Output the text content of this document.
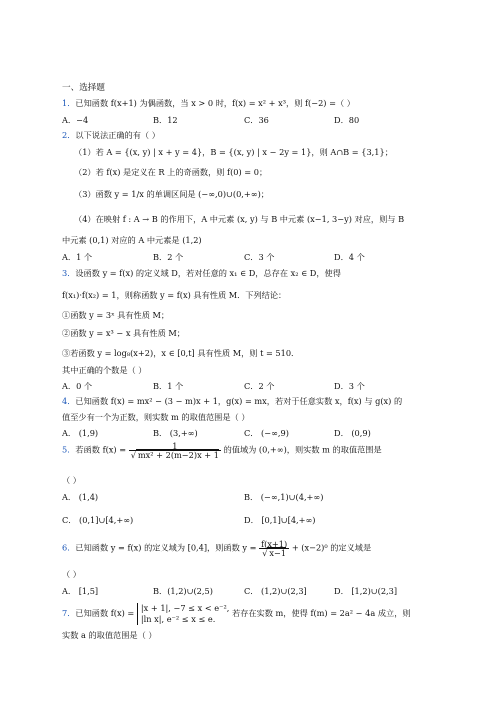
一、选择题
1．已知函数 f(x+1) 为偶函数，当 x > 0 时，f(x) = x² + x³，则 f(−2) =（ ）
A．−4	B．12	C．36	D．80
2．以下说法正确的有（ ）
（1）若 A = {(x, y) | x + y = 4}，B = {(x, y) | x − 2y = 1}，则 A∩B = {3,1}；
（2）若 f(x) 是定义在 R 上的奇函数，则 f(0) = 0；
（3）函数 y = 1/x 的单调区间是 (−∞,0)∪(0,+∞)；
（4）在映射 f : A → B 的作用下，A 中元素 (x, y) 与 B 中元素 (x−1, 3−y) 对应，则与 B
中元素 (0,1) 对应的 A 中元素是 (1,2)
A．1 个	B．2 个	C．3 个	D．4 个
3．设函数 y = f(x) 的定义域 D，若对任意的 x₁ ∈ D，总存在 x₂ ∈ D，使得
f(x₁)·f(x₂) = 1，则称函数 y = f(x) 具有性质 M．下列结论：
①函数 y = 3ˣ 具有性质 M；
②函数 y = x³ − x 具有性质 M；
③若函数 y = log₈(x+2)，x ∈ [0,t] 具有性质 M，则 t = 510．
其中正确的个数是（ ）
A．0 个	B．1 个	C．2 个	D．3 个
4．已知函数 f(x) = mx² − (3 − m)x + 1，g(x) = mx，若对于任意实数 x，f(x) 与 g(x) 的
值至少有一个为正数，则实数 m 的取值范围是（ ）
A． (1,9)	B． (3,+∞)	C． (−∞,9)	D． (0,9)
5．若函数 $f(x) = \frac{1}{\text{√ mx² + 2(m−2)x + 1}}$ 的值域为 (0,+∞)，则实数 m 的取值范围是
（ ）
A． (1,4)	B． (−∞,1)∪(4,+∞)
C． (0,1]∪[4,+∞)	D． [0,1]∪[4,+∞)
6．已知函数 y = f(x) 的定义域为 [0,4]，则函数 $y = \frac{f(x+1)}{√ x-1} + (x-2)^0$ 的定义域是
（ ）
A． [1,5]	B．(1,2)∪(2,5)	C． (1,2)∪(2,3]	D． [1,2)∪(2,3]
7．已知函数 f(x) =
|x + 1|, −7 ≤ x < e⁻²,
|ln x|, e⁻² ≤ x ≤ e.
若存在实数 m，使得 f(m) = 2a² − 4a 成立，则
实数 a 的取值范围是（ ）
